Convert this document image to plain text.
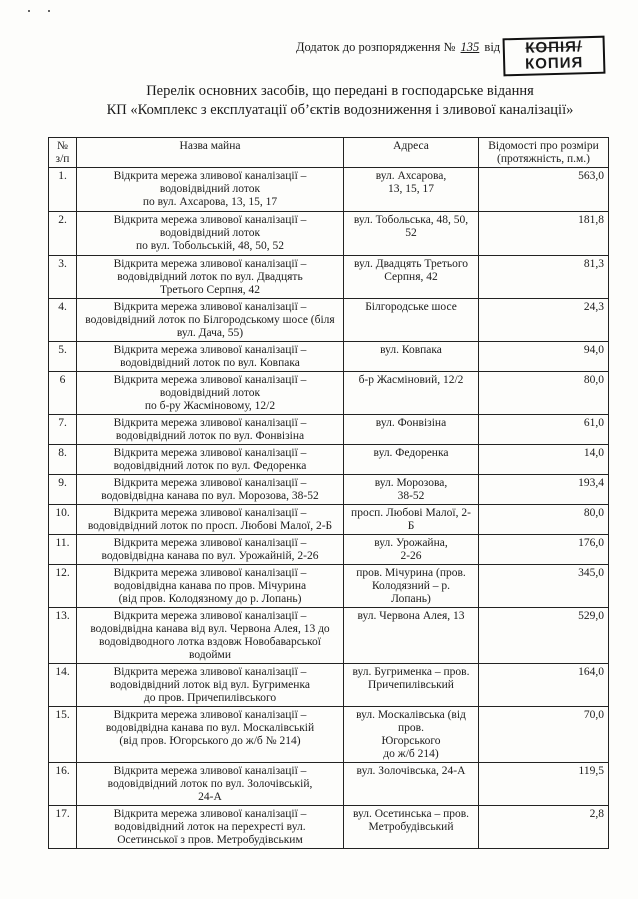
Додаток до розпорядження № 135 від	КОПІЯ/
КОПИЯ
Перелік основних засобів, що передані в господарське відання
КП «Комплекс з експлуатації об’єктів водозниження і зливової каналізації»
№
з/п	Назва майна	Адреса	Відомості про розміри (протяжність, п.м.)
1.	Відкрита мережа зливової каналізації –
водовідвідний лоток
по вул. Ахсарова, 13, 15, 17	вул. Ахсарова,
13, 15, 17	563,0
2.	Відкрита мережа зливової каналізації –
водовідвідний лоток
по вул. Тобольській, 48, 50, 52	вул. Тобольська, 48, 50,
52	181,8
3.	Відкрита мережа зливової каналізації –
водовідвідний лоток по вул. Двадцять
Третього Серпня, 42	вул. Двадцять Третього
Серпня, 42	81,3
4.	Відкрита мережа зливової каналізації –
водовідвідний лоток по Білгородському шосе (біля
вул. Дача, 55)	Білгородське шосе	24,3
5.	Відкрита мережа зливової каналізації –
водовідвідний лоток по вул. Ковпака	вул. Ковпака	94,0
6	Відкрита мережа зливової каналізації –
водовідвідний лоток
по б-ру Жасміновому, 12/2	б-р Жасміновий, 12/2	80,0
7.	Відкрита мережа зливової каналізації –
водовідвідний лоток по вул. Фонвізіна	вул. Фонвізіна	61,0
8.	Відкрита мережа зливової каналізації –
водовідвідний лоток по вул. Федоренка	вул. Федоренка	14,0
9.	Відкрита мережа зливової каналізації –
водовідвідна канава по вул. Морозова, 38-52	вул. Морозова,
38-52	193,4
10.	Відкрита мережа зливової каналізації –
водовідвідний лоток по просп. Любові Малої, 2-Б	просп. Любові Малої, 2-
Б	80,0
11.	Відкрита мережа зливової каналізації –
водовідвідна канава по вул. Урожайній, 2-26	вул. Урожайна,
2-26	176,0
12.	Відкрита мережа зливової каналізації –
водовідвідна канава по пров. Мічурина
(від пров. Колодязному до р. Лопань)	пров. Мічурина (пров.
Колодязний – р.
Лопань)	345,0
13.	Відкрита мережа зливової каналізації –
водовідвідна канава від вул. Червона Алея, 13 до
водовідводного лотка вздовж Новобаварської
водойми	вул. Червона Алея, 13	529,0
14.	Відкрита мережа зливової каналізації –
водовідвідний лоток від вул. Бугрименка
до пров. Причепилівського	вул. Бугрименка – пров.
Причепилівський	164,0
15.	Відкрита мережа зливової каналізації –
водовідвідна канава по вул. Москалівській
(від пров. Югорського до ж/б № 214)	вул. Москалівська (від
пров.
Югорського
до ж/б 214)	70,0
16.	Відкрита мережа зливової каналізації –
водовідвідний лоток по вул. Золочівській,
24-А	вул. Золочівська, 24-А	119,5
17.	Відкрита мережа зливової каналізації –
водовідвідний лоток на перехресті вул.
Осетинської з пров. Метробудівським	вул. Осетинська – пров.
Метробудівський	2,8
